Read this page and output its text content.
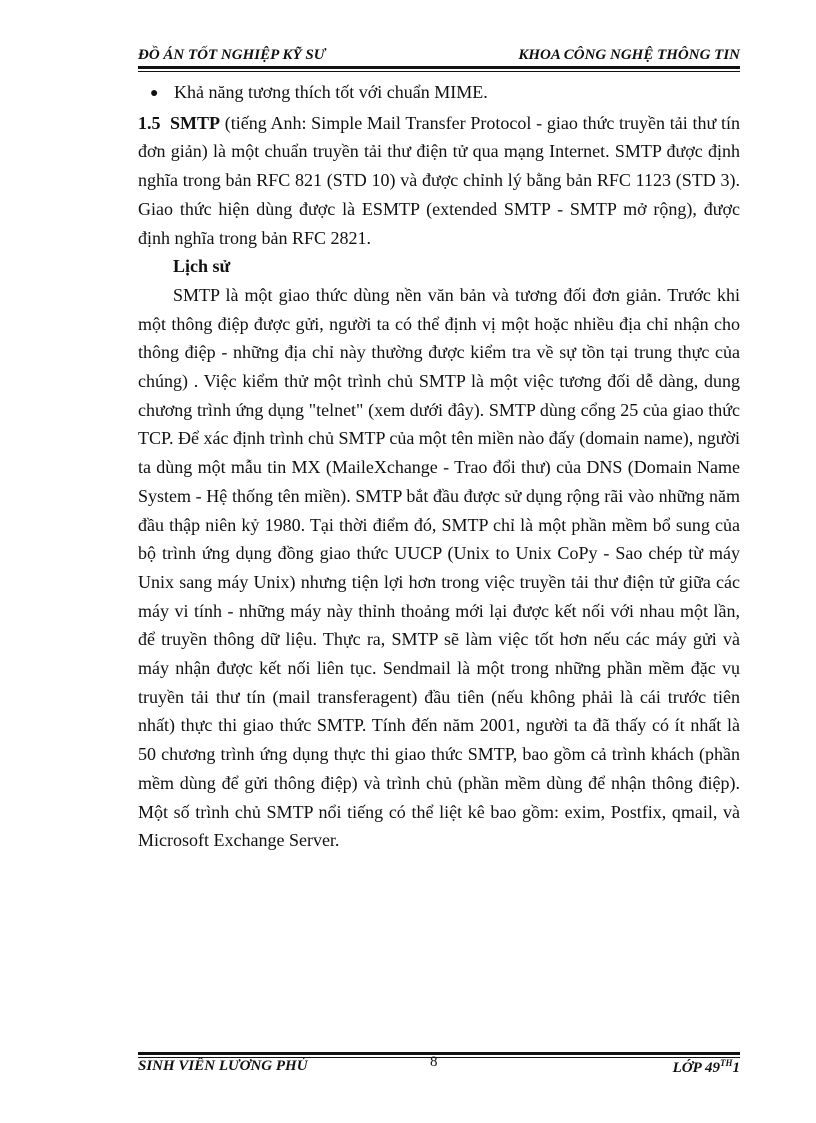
ĐỒ ÁN TỐT NGHIỆP KỸ SƯ	KHOA CÔNG NGHỆ THÔNG TIN

● Khả năng tương thích tốt với chuẩn MIME.

1.5 SMTP (tiếng Anh: Simple Mail Transfer Protocol - giao thức truyền tải thư tín đơn giản) là một chuẩn truyền tải thư điện tử qua mạng Internet. SMTP được định nghĩa trong bản RFC 821 (STD 10) và được chỉnh lý bằng bản RFC 1123 (STD 3). Giao thức hiện dùng được là ESMTP (extended SMTP - SMTP mở rộng), được định nghĩa trong bản RFC 2821.

Lịch sử

SMTP là một giao thức dùng nền văn bản và tương đối đơn giản. Trước khi một thông điệp được gửi, người ta có thể định vị một hoặc nhiều địa chỉ nhận cho thông điệp - những địa chỉ này thường được kiểm tra về sự tồn tại trung thực của chúng) . Việc kiểm thử một trình chủ SMTP là một việc tương đối dễ dàng, dung chương trình ứng dụng "telnet" (xem dưới đây). SMTP dùng cổng 25 của giao thức TCP. Để xác định trình chủ SMTP của một tên miền nào đấy (domain name), người ta dùng một mẫu tin MX (MaileXchange - Trao đổi thư) của DNS (Domain Name System - Hệ thống tên miền). SMTP bắt đầu được sử dụng rộng rãi vào những năm đầu thập niên kỷ 1980. Tại thời điểm đó, SMTP chỉ là một phần mềm bổ sung của bộ trình ứng dụng đồng giao thức UUCP (Unix to Unix CoPy - Sao chép từ máy Unix sang máy Unix) nhưng tiện lợi hơn trong việc truyền tải thư điện tử giữa các máy vi tính - những máy này thỉnh thoảng mới lại được kết nối với nhau một lần, để truyền thông dữ liệu. Thực ra, SMTP sẽ làm việc tốt hơn nếu các máy gửi và máy nhận được kết nối liên tục. Sendmail là một trong những phần mềm đặc vụ truyền tải thư tín (mail transferagent) đầu tiên (nếu không phải là cái trước tiên nhất) thực thi giao thức SMTP. Tính đến năm 2001, người ta đã thấy có ít nhất là 50 chương trình ứng dụng thực thi giao thức SMTP, bao gồm cả trình khách (phần mềm dùng để gửi thông điệp) và trình chủ (phần mềm dùng để nhận thông điệp). Một số trình chủ SMTP nổi tiếng có thể liệt kê bao gồm: exim, Postfix, qmail, và Microsoft Exchange Server.

SINH VIÊN LƯƠNG PHÚ	8	LỚP 49TH1
